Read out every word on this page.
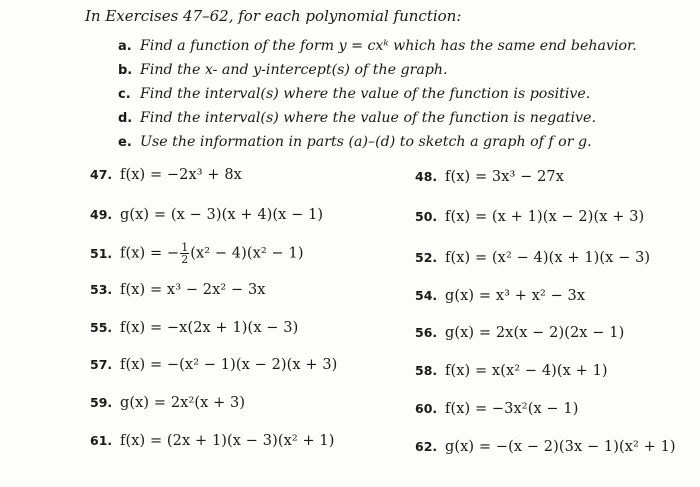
In Exercises 47–62, for each polynomial function:
a. Find a function of the form y = cxᵏ which has the same end behavior.
b. Find the x- and y-intercept(s) of the graph.
c. Find the interval(s) where the value of the function is positive.
d. Find the interval(s) where the value of the function is negative.
e. Use the information in parts (a)–(d) to sketch a graph of f or g.
47. f(x) = −2x³ + 8x
49. g(x) = (x − 3)(x + 4)(x − 1)
51. f(x) = − $\frac{1}{2} (x^2 - 4)(x^2 - 1)$
53. f(x) = x³ − 2x² − 3x
55. f(x) = −x(2x + 1)(x − 3)
57. f(x) = −(x² − 1)(x − 2)(x + 3)
59. g(x) = 2x²(x + 3)
61. f(x) = (2x + 1)(x − 3)(x² + 1)
48. f(x) = 3x³ − 27x
50. f(x) = (x + 1)(x − 2)(x + 3)
52. f(x) = (x² − 4)(x + 1)(x − 3)
54. g(x) = x³ + x² − 3x
56. g(x) = 2x(x − 2)(2x − 1)
58. f(x) = x(x² − 4)(x + 1)
60. f(x) = −3x²(x − 1)
62. g(x) = −(x − 2)(3x − 1)(x² + 1)
